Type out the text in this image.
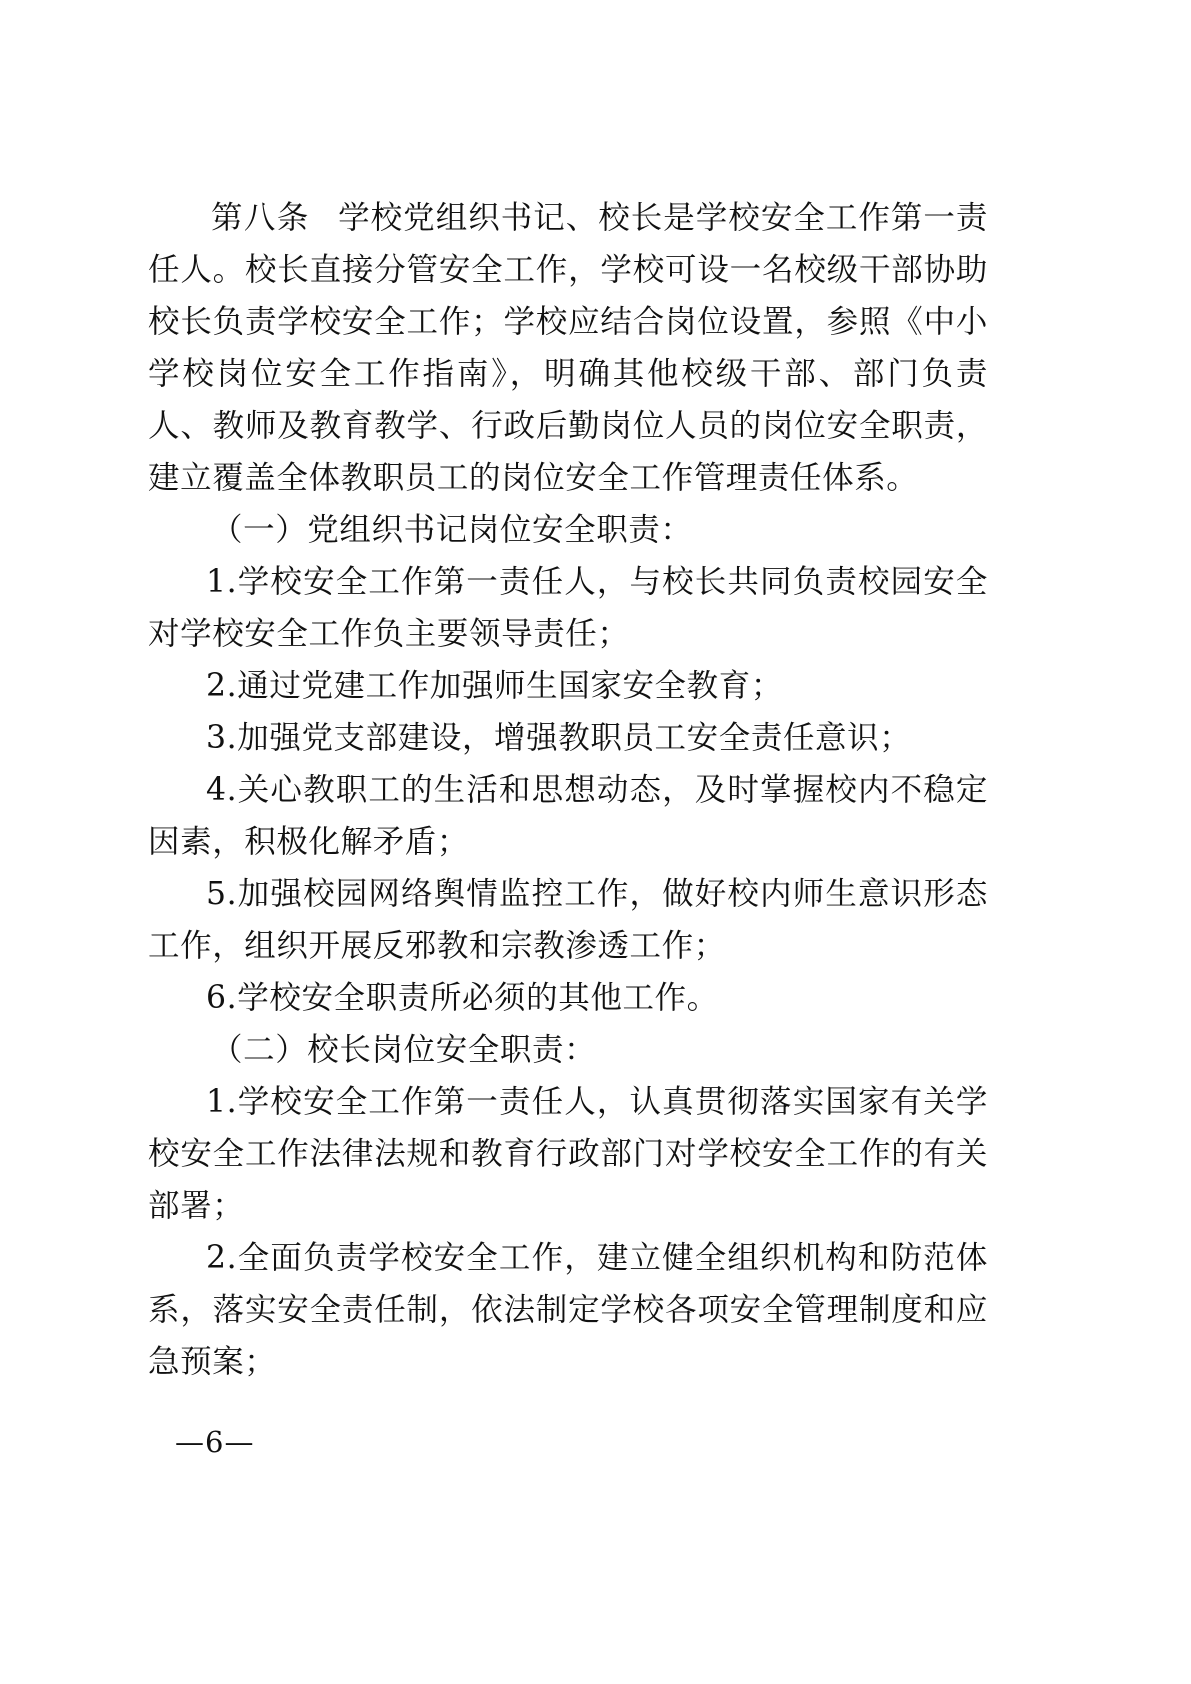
第八条 学校党组织书记、校长是学校安全工作第一责任人。校长直接分管安全工作，学校可设一名校级干部协助校长负责学校安全工作；学校应结合岗位设置，参照《中小学校岗位安全工作指南》，明确其他校级干部、部门负责人、教师及教育教学、行政后勤岗位人员的岗位安全职责，建立覆盖全体教职员工的岗位安全工作管理责任体系。

（一）党组织书记岗位安全职责：

1.学校安全工作第一责任人，与校长共同负责校园安全对学校安全工作负主要领导责任；

2.通过党建工作加强师生国家安全教育；

3.加强党支部建设，增强教职员工安全责任意识；

4.关心教职工的生活和思想动态，及时掌握校内不稳定因素，积极化解矛盾；

5.加强校园网络舆情监控工作，做好校内师生意识形态工作，组织开展反邪教和宗教渗透工作；

6.学校安全职责所必须的其他工作。

（二）校长岗位安全职责：

1.学校安全工作第一责任人，认真贯彻落实国家有关学校安全工作法律法规和教育行政部门对学校安全工作的有关部署；

2.全面负责学校安全工作，建立健全组织机构和防范体系，落实安全责任制，依法制定学校各项安全管理制度和应急预案；

—6—
